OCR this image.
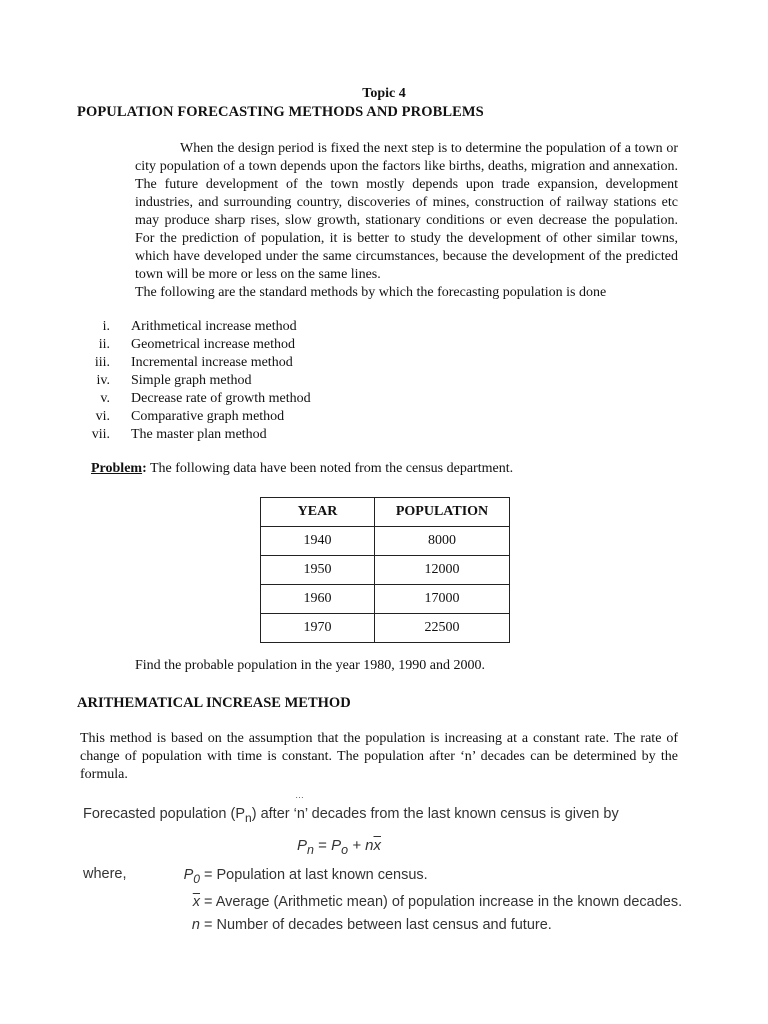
Topic 4
POPULATION FORECASTING METHODS AND PROBLEMS

When the design period is fixed the next step is to determine the population of a town or city population of a town depends upon the factors like births, deaths, migration and annexation. The future development of the town mostly depends upon trade expansion, development industries, and surrounding country, discoveries of mines, construction of railway stations etc may produce sharp rises, slow growth, stationary conditions or even decrease the population. For the prediction of population, it is better to study the development of other similar towns, which have developed under the same circumstances, because the development of the predicted town will be more or less on the same lines.

The following are the standard methods by which the forecasting population is done
i.	Arithmetical increase method
ii.	Geometrical increase method
iii.	Incremental increase method
iv.	Simple graph method
v.	Decrease rate of growth method
vi.	Comparative graph method
vii.	The master plan method
Problem: The following data have been noted from the census department.
YEAR	POPULATION
1940	8000
1950	12000
1960	17000
1970	22500
Find the probable population in the year 1980, 1990 and 2000.
ARITHEMATICAL INCREASE METHOD
This method is based on the assumption that the population is increasing at a constant rate. The rate of change of population with time is constant. The population after ‘n’ decades can be determined by the formula.
…
Forecasted population $(P_n)$ after ‘n’ decades from the last known census is given by
$P_n = P_o + n\overline{x}$
where,	$P_0$ = Population at last known census.
$\overline{x}$ = Average (Arithmetic mean) of population increase in the known decades.
n = Number of decades between last census and future.
